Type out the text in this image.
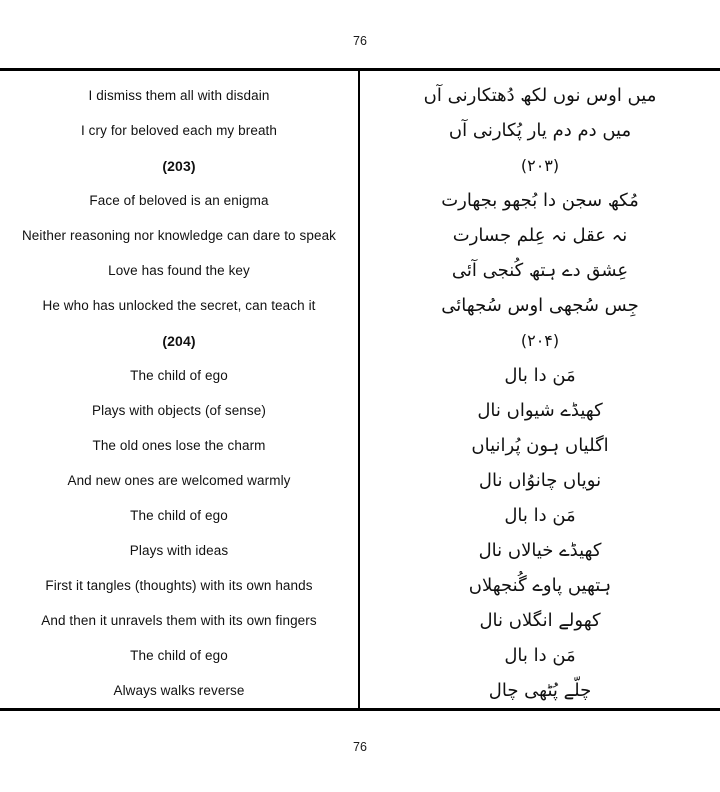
76
I dismiss them all with disdain
I cry for beloved each my breath
(203)
Face of beloved is an enigma
Neither reasoning nor knowledge can dare to speak
Love has found the key
He who has unlocked the secret, can teach it
(204)
The child of ego
Plays with objects (of sense)
The old ones lose the charm
And new ones are welcomed warmly
The child of ego
Plays with ideas
First it tangles (thoughts) with its own hands
And then it unravels them with its own fingers
The child of ego
Always walks reverse
میں اوس نوں لکھ دُھتکارنی آں
میں دم دم یار پُکارنی آں
(۲۰۳)
مُکھ سجن دا بُجھو بجھارت
نہ عقل نہ عِلم جسارت
عِشق دے ہتھ کُنجی آئی
جِس سُجھی اوس سُجھائی
(۲۰۴)
مَن دا بال
کھیڈے شیواں نال
اگلیاں ہون پُرانیاں
نویاں چانوُاں نال
مَن دا بال
کھیڈے خیالاں نال
ہتھیں پاوے گُنجھلاں
کھولے انگلاں نال
مَن دا بال
چلّے پُٹھی چال
76
